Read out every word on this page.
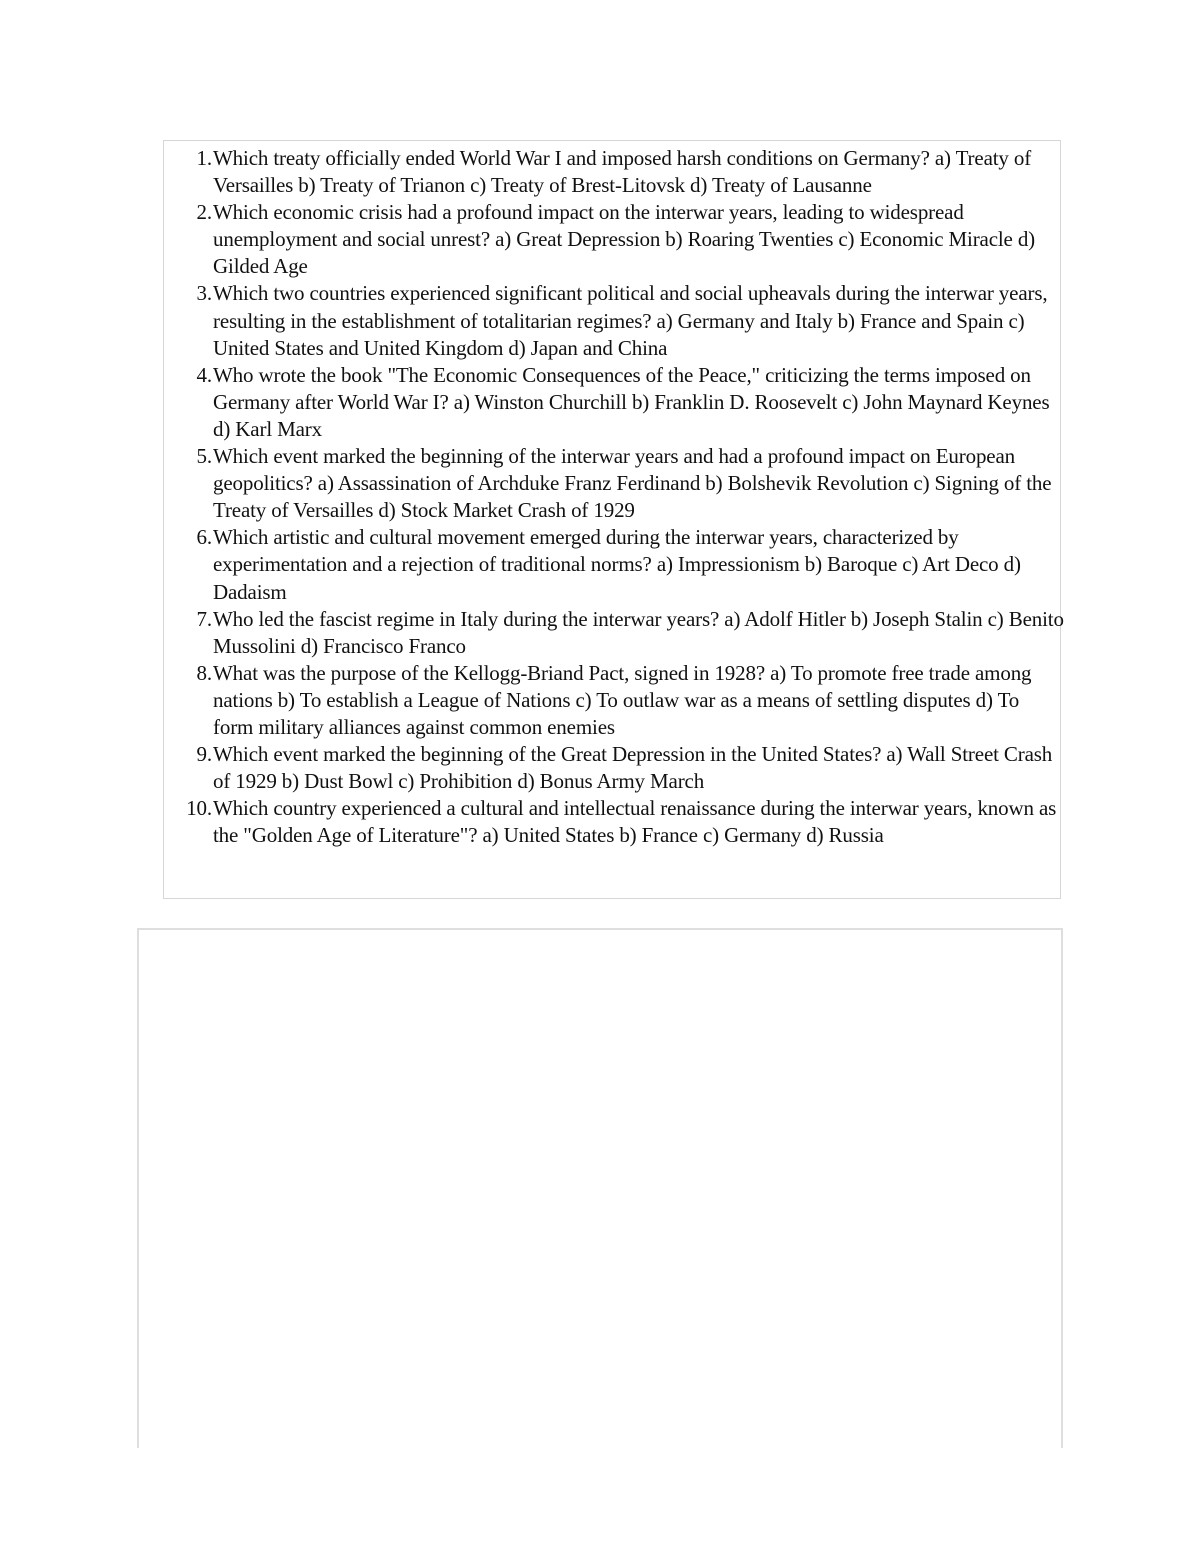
1. Which treaty officially ended World War I and imposed harsh conditions on Germany? a) Treaty of Versailles b) Treaty of Trianon c) Treaty of Brest-Litovsk d) Treaty of Lausanne
2. Which economic crisis had a profound impact on the interwar years, leading to widespread unemployment and social unrest? a) Great Depression b) Roaring Twenties c) Economic Miracle d) Gilded Age
3. Which two countries experienced significant political and social upheavals during the interwar years, resulting in the establishment of totalitarian regimes? a) Germany and Italy b) France and Spain c) United States and United Kingdom d) Japan and China
4. Who wrote the book "The Economic Consequences of the Peace," criticizing the terms imposed on Germany after World War I? a) Winston Churchill b) Franklin D. Roosevelt c) John Maynard Keynes d) Karl Marx
5. Which event marked the beginning of the interwar years and had a profound impact on European geopolitics? a) Assassination of Archduke Franz Ferdinand b) Bolshevik Revolution c) Signing of the Treaty of Versailles d) Stock Market Crash of 1929
6. Which artistic and cultural movement emerged during the interwar years, characterized by experimentation and a rejection of traditional norms? a) Impressionism b) Baroque c) Art Deco d) Dadaism
7. Who led the fascist regime in Italy during the interwar years? a) Adolf Hitler b) Joseph Stalin c) Benito Mussolini d) Francisco Franco
8. What was the purpose of the Kellogg-Briand Pact, signed in 1928? a) To promote free trade among nations b) To establish a League of Nations c) To outlaw war as a means of settling disputes d) To form military alliances against common enemies
9. Which event marked the beginning of the Great Depression in the United States? a) Wall Street Crash of 1929 b) Dust Bowl c) Prohibition d) Bonus Army March
10. Which country experienced a cultural and intellectual renaissance during the interwar years, known as the "Golden Age of Literature"? a) United States b) France c) Germany d) Russia
